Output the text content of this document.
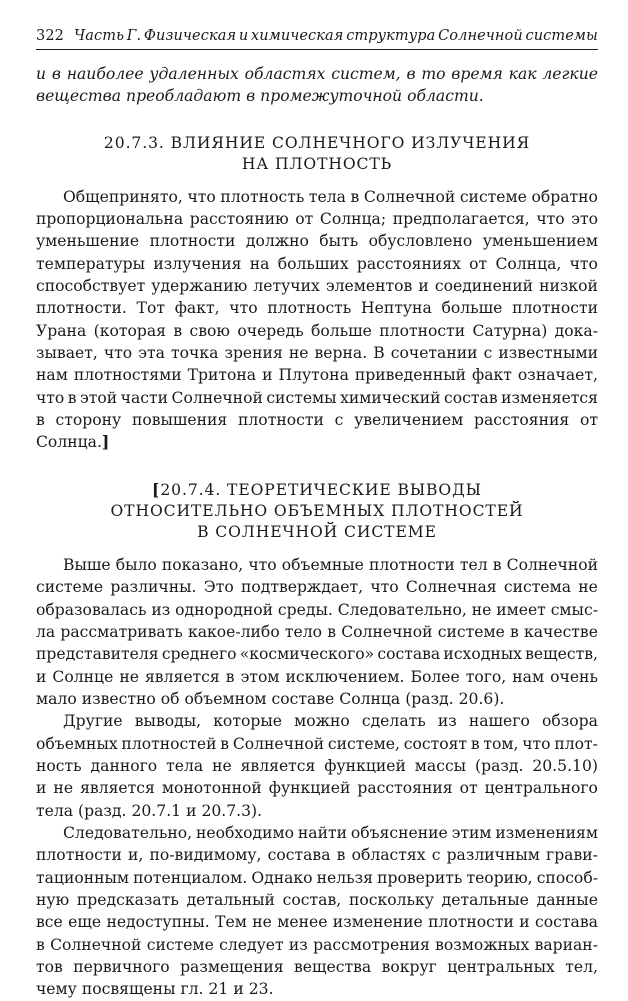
322 Часть Г. Физическая и химическая структура Солнечной системы
и в наиболее удаленных областях систем, в то время как легкие
вещества преобладают в промежуточной области.
20.7.3. ВЛИЯНИЕ СОЛНЕЧНОГО ИЗЛУЧЕНИЯ
НА ПЛОТНОСТЬ
Общепринято, что плотность тела в Солнечной системе обратно
пропорциональна расстоянию от Солнца; предполагается, что это
уменьшение плотности должно быть обусловлено уменьшением
температуры излучения на больших расстояниях от Солнца, что
способствует удержанию летучих элементов и соединений низкой
плотности. Тот факт, что плотность Нептуна больше плотности
Урана (которая в свою очередь больше плотности Сатурна) дока-
зывает, что эта точка зрения не верна. В сочетании с известными
нам плотностями Тритона и Плутона приведенный факт означает,
что в этой части Солнечной системы химический состав изменяется
в сторону повышения плотности с увеличением расстояния от
Солнца. ]
[20.7.4. ТЕОРЕТИЧЕСКИЕ ВЫВОДЫ
ОТНОСИТЕЛЬНО ОБЪЕМНЫХ ПЛОТНОСТЕЙ
В СОЛНЕЧНОЙ СИСТЕМЕ
Выше было показано, что объемные плотности тел в Солнечной
системе различны. Это подтверждает, что Солнечная система не
образовалась из однородной среды. Следовательно, не имеет смыс-
ла рассматривать какое-либо тело в Солнечной системе в качестве
представителя среднего «космического» состава исходных веществ,
и Солнце не является в этом исключением. Более того, нам очень
мало известно об объемном составе Солнца (разд. 20.6).
Другие выводы, которые можно сделать из нашего обзора
объемных плотностей в Солнечной системе, состоят в том, что плот-
ность данного тела не является функцией массы (разд. 20.5.10)
и не является монотонной функцией расстояния от центрального
тела (разд. 20.7.1 и 20.7.3).
Следовательно, необходимо найти объяснение этим изменениям
плотности и, по-видимому, состава в областях с различным грави-
тационным потенциалом. Однако нельзя проверить теорию, способ-
ную предсказать детальный состав, поскольку детальные данные
все еще недоступны. Тем не менее изменение плотности и состава
в Солнечной системе следует из рассмотрения возможных вариан-
тов первичного размещения вещества вокруг центральных тел,
чему посвящены гл. 21 и 23.
